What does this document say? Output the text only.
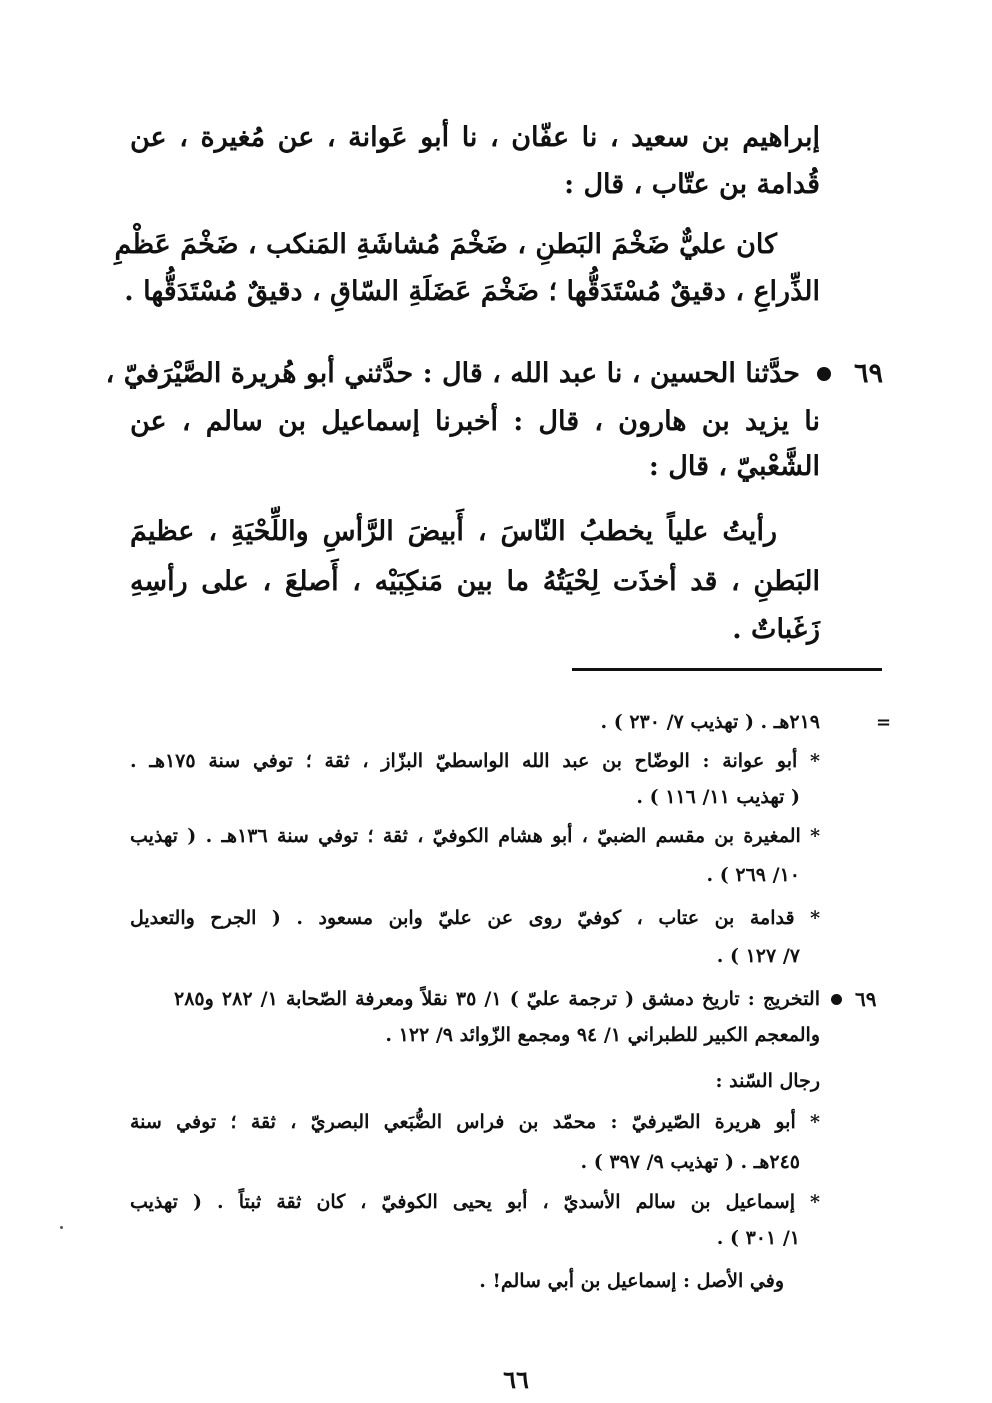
إبراهيم بن سعيد ، نا عفّان ، نا أبو عَوانة ، عن مُغيرة ، عن
قُدامة بن عتّاب ، قال :
كان عليٌّ ضَخْمَ البَطنِ ، ضَخْمَ مُشاشَةِ المَنكب ، ضَخْمَ عَظْمِ
الذِّراعِ ، دقيقٌ مُسْتَدَقُّها ؛ ضَخْمَ عَضَلَةِ السّاقِ ، دقيقٌ مُسْتَدَقُّها .
٦٩
حدَّثنا الحسين ، نا عبد الله ، قال : حدَّثني أبو هُريرة الصَّيْرَفيّ ،
نا يزيد بن هارون ، قال : أخبرنا إسماعيل بن سالم ، عن
الشَّعْبيّ ، قال :
رأيتُ علياً يخطبُ النّاسَ ، أَبيضَ الرَّأسِ واللِّحْيَةِ ، عظيمَ
البَطنِ ، قد أخذَت لِحْيَتُهُ ما بين مَنكِبَيْه ، أَصلعَ ، على رأسِهِ
زَغَباتٌ .
=
٢١٩هـ . ( تهذيب ٧/ ٢٣٠ ) .
* أبو عوانة : الوضّاح بن عبد الله الواسطيّ البزّاز ، ثقة ؛ توفي سنة ١٧٥هـ .
( تهذيب ١١/ ١١٦ ) .
* المغيرة بن مقسم الضبيّ ، أبو هشام الكوفيّ ، ثقة ؛ توفي سنة ١٣٦هـ . ( تهذيب
١٠/ ٢٦٩ ) .
* قدامة بن عتاب ، كوفيّ روى عن عليّ وابن مسعود . ( الجرح والتعديل
٧/ ١٢٧ ) .
٦٩
التخريج : تاريخ دمشق ( ترجمة عليّ ) ١/ ٣٥ نقلاً ومعرفة الصّحابة ١/ ٢٨٢ و٢٨٥
والمعجم الكبير للطبراني ١/ ٩٤ ومجمع الزّوائد ٩/ ١٢٢ .
رجال السّند :
* أبو هريرة الصّيرفيّ : محمّد بن فراس الضُّبَعي البصريّ ، ثقة ؛ توفي سنة
٢٤٥هـ . ( تهذيب ٩/ ٣٩٧ ) .
* إسماعيل بن سالم الأسديّ ، أبو يحيى الكوفيّ ، كان ثقة ثبتاً . ( تهذيب
١/ ٣٠١ ) .
وفي الأصل : إسماعيل بن أبي سالم! .
٦٦
